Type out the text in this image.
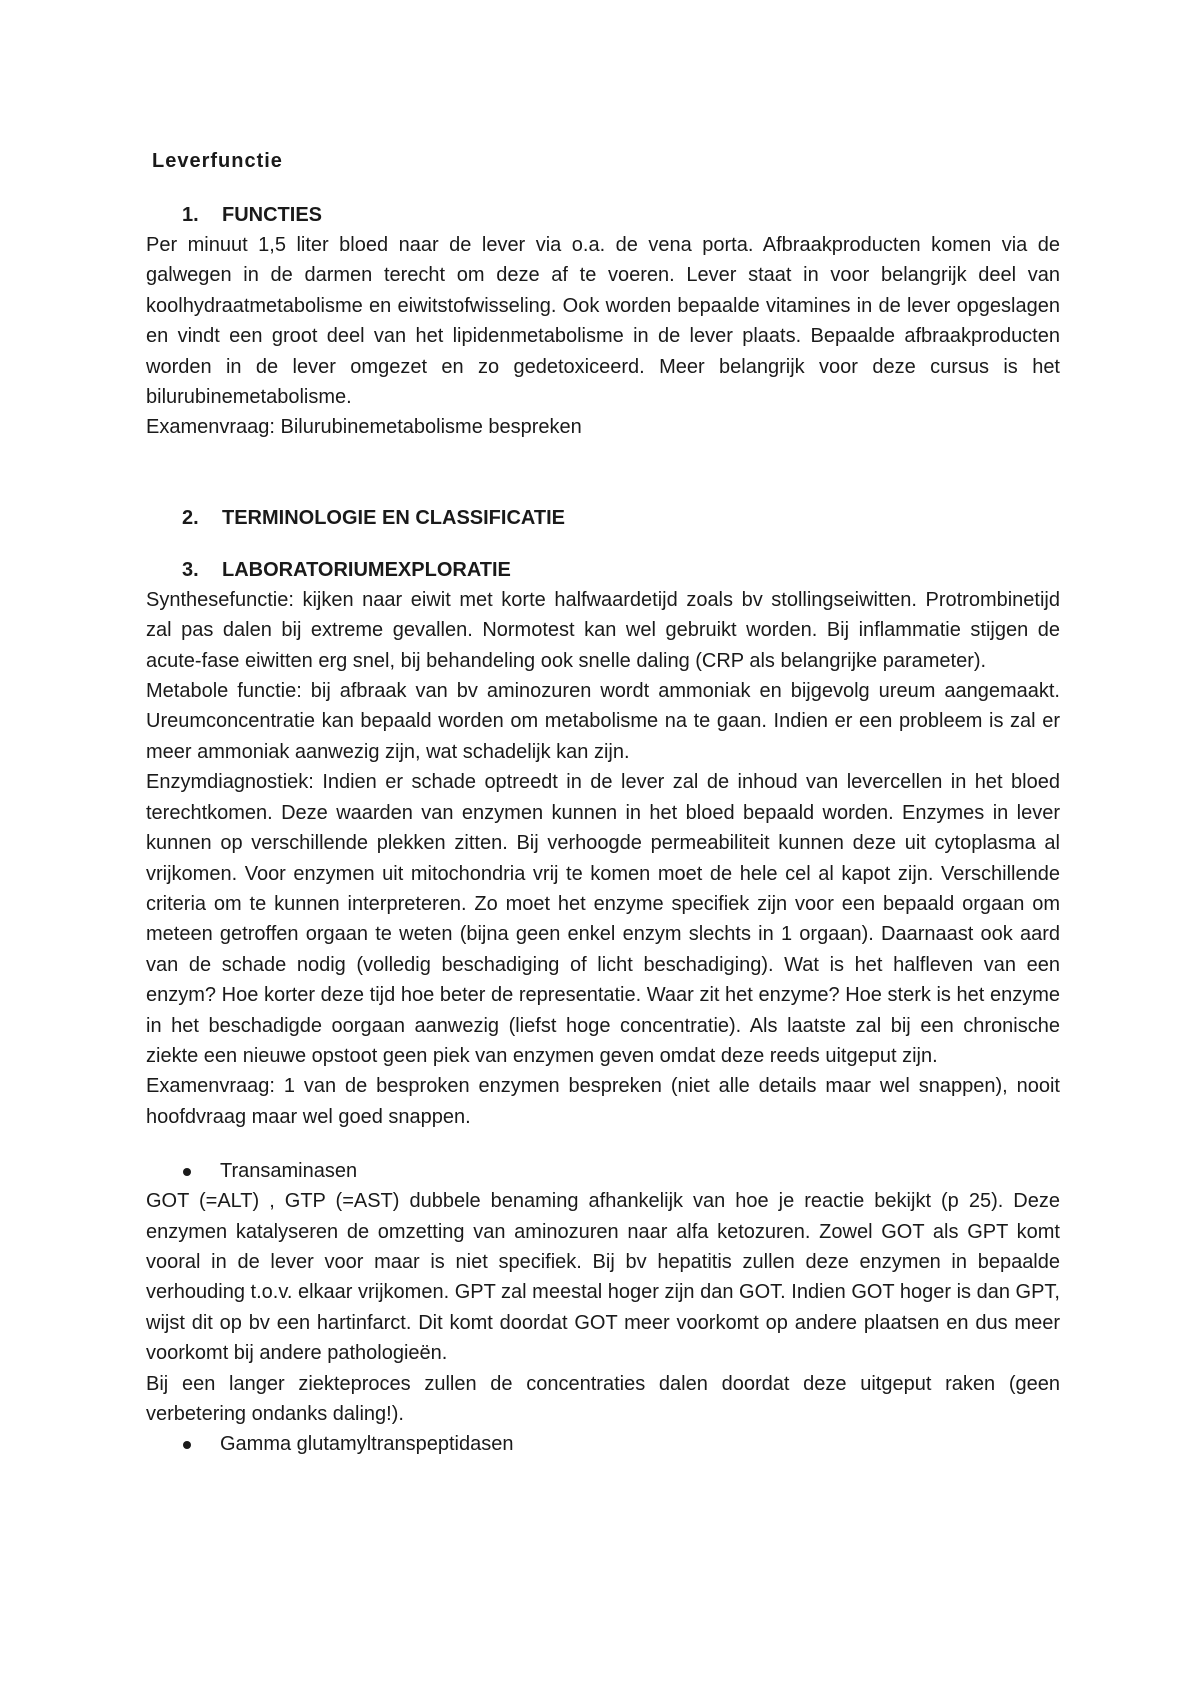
Leverfunctie

1. FUNCTIES

Per minuut 1,5 liter bloed naar de lever via o.a. de vena porta. Afbraakproducten komen via de galwegen in de darmen terecht om deze af te voeren. Lever staat in voor belangrijk deel van koolhydraatmetabolisme en eiwitstofwisseling. Ook worden bepaalde vitamines in de lever opgeslagen en vindt een groot deel van het lipidenmetabolisme in de lever plaats. Bepaalde afbraakproducten worden in de lever omgezet en zo gedetoxiceerd. Meer belangrijk voor deze cursus is het bilurubinemetabolisme.

Examenvraag: Bilurubinemetabolisme bespreken

2. TERMINOLOGIE EN CLASSIFICATIE
3. LABORATORIUMEXPLORATIE

Synthesefunctie: kijken naar eiwit met korte halfwaardetijd zoals bv stollingseiwitten. Protrombinetijd zal pas dalen bij extreme gevallen. Normotest kan wel gebruikt worden. Bij inflammatie stijgen de acute-fase eiwitten erg snel, bij behandeling ook snelle daling (CRP als belangrijke parameter).

Metabole functie: bij afbraak van bv aminozuren wordt ammoniak en bijgevolg ureum aangemaakt. Ureumconcentratie kan bepaald worden om metabolisme na te gaan. Indien er een probleem is zal er meer ammoniak aanwezig zijn, wat schadelijk kan zijn.

Enzymdiagnostiek: Indien er schade optreedt in de lever zal de inhoud van levercellen in het bloed terechtkomen. Deze waarden van enzymen kunnen in het bloed bepaald worden. Enzymes in lever kunnen op verschillende plekken zitten. Bij verhoogde permeabiliteit kunnen deze uit cytoplasma al vrijkomen. Voor enzymen uit mitochondria vrij te komen moet de hele cel al kapot zijn. Verschillende criteria om te kunnen interpreteren. Zo moet het enzyme specifiek zijn voor een bepaald orgaan om meteen getroffen orgaan te weten (bijna geen enkel enzym slechts in 1 orgaan). Daarnaast ook aard van de schade nodig (volledig beschadiging of licht beschadiging). Wat is het halfleven van een enzym? Hoe korter deze tijd hoe beter de representatie. Waar zit het enzyme? Hoe sterk is het enzyme in het beschadigde oorgaan aanwezig (liefst hoge concentratie). Als laatste zal bij een chronische ziekte een nieuwe opstoot geen piek van enzymen geven omdat deze reeds uitgeput zijn.

Examenvraag: 1 van de besproken enzymen bespreken (niet alle details maar wel snappen), nooit hoofdvraag maar wel goed snappen.

Transaminasen

GOT (=ALT) , GTP (=AST) dubbele benaming afhankelijk van hoe je reactie bekijkt (p 25). Deze enzymen katalyseren de omzetting van aminozuren naar alfa ketozuren. Zowel GOT als GPT komt vooral in de lever voor maar is niet specifiek. Bij bv hepatitis zullen deze enzymen in bepaalde verhouding t.o.v. elkaar vrijkomen. GPT zal meestal hoger zijn dan GOT. Indien GOT hoger is dan GPT, wijst dit op bv een hartinfarct. Dit komt doordat GOT meer voorkomt op andere plaatsen en dus meer voorkomt bij andere pathologieën.

Bij een langer ziekteproces zullen de concentraties dalen doordat deze uitgeput raken (geen verbetering ondanks daling!).

Gamma glutamyltranspeptidasen
